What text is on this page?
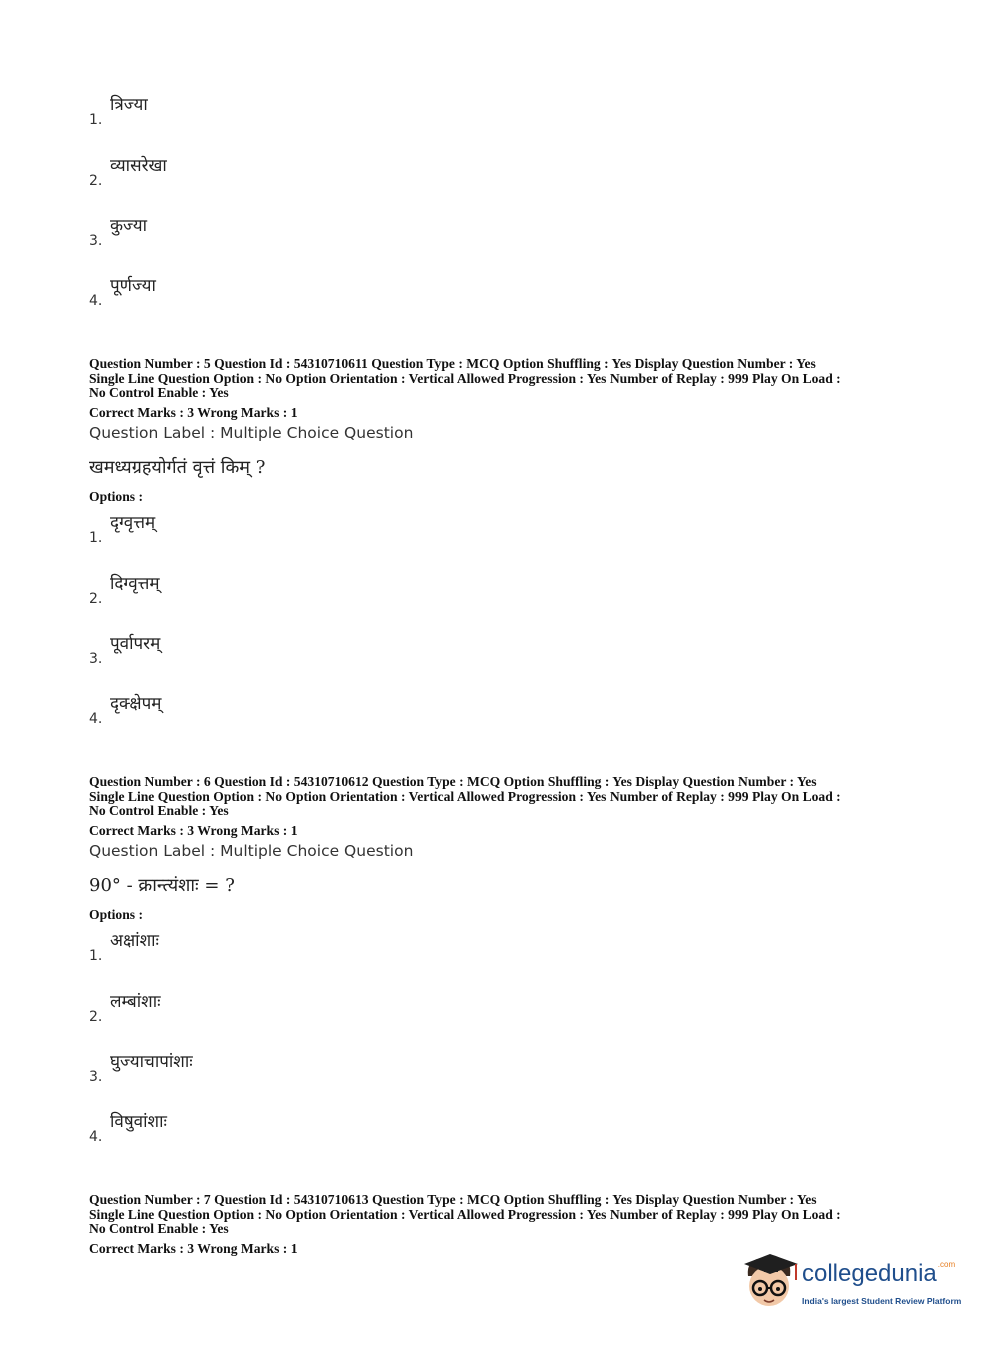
त्रिज्या
1.
व्यासरेखा
2.
कुज्या
3.
पूर्णज्या
4.
Question Number : 5 Question Id : 54310710611 Question Type : MCQ Option Shuffling : Yes Display Question Number : Yes
Single Line Question Option : No Option Orientation : Vertical Allowed Progression : Yes Number of Replay : 999 Play On Load :
No Control Enable : Yes
Correct Marks : 3 Wrong Marks : 1
Question Label : Multiple Choice Question
खमध्यग्रहयोर्गतं वृत्तं किम् ?
Options :
दृग्वृत्तम्
1.
दिग्वृत्तम्
2.
पूर्वापरम्
3.
दृक्क्षेपम्
4.
Question Number : 6 Question Id : 54310710612 Question Type : MCQ Option Shuffling : Yes Display Question Number : Yes
Single Line Question Option : No Option Orientation : Vertical Allowed Progression : Yes Number of Replay : 999 Play On Load :
No Control Enable : Yes
Correct Marks : 3 Wrong Marks : 1
Question Label : Multiple Choice Question
90° - क्रान्त्यंशाः = ?
Options :
अक्षांशाः
1.
लम्बांशाः
2.
घुज्याचापांशाः
3.
विषुवांशाः
4.
Question Number : 7 Question Id : 54310710613 Question Type : MCQ Option Shuffling : Yes Display Question Number : Yes
Single Line Question Option : No Option Orientation : Vertical Allowed Progression : Yes Number of Replay : 999 Play On Load :
No Control Enable : Yes
Correct Marks : 3 Wrong Marks : 1
collegedunia$^{.com}$
India's largest Student Review Platform
